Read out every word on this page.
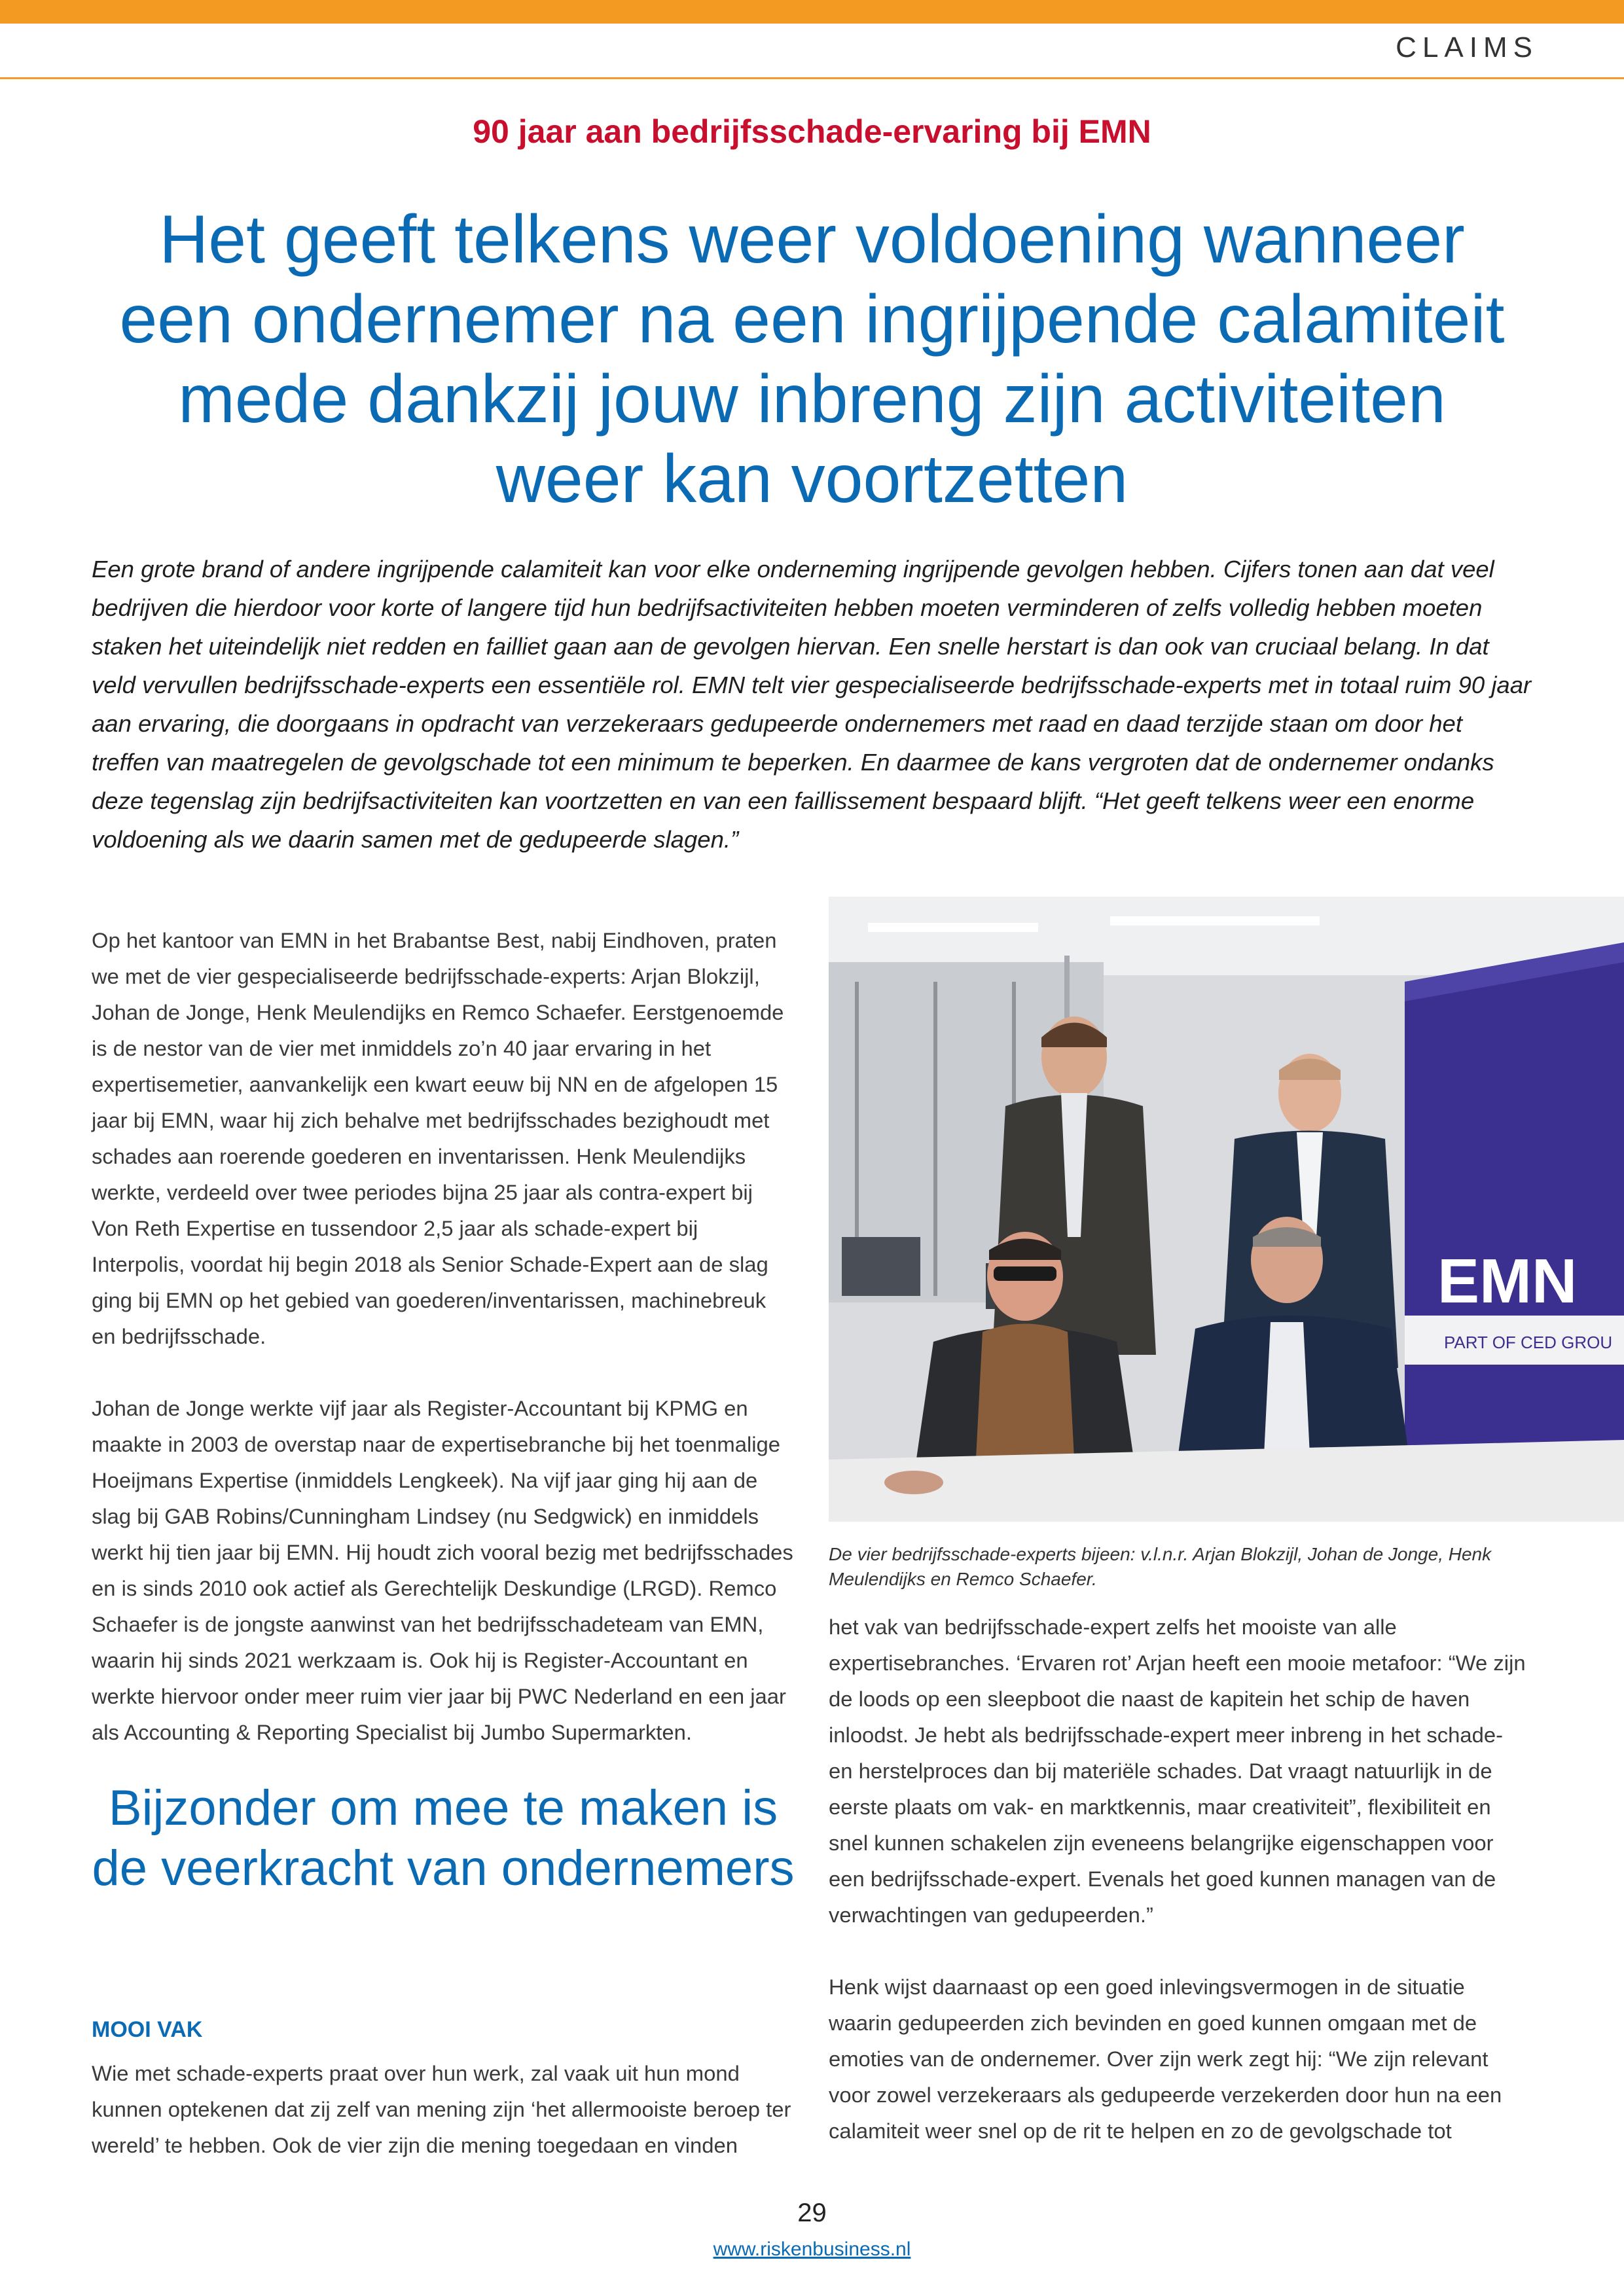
CLAIMS
90 jaar aan bedrijfsschade-ervaring bij EMN
Het geeft telkens weer voldoening wanneer een ondernemer na een ingrijpende calamiteit mede dankzij jouw inbreng zijn activiteiten weer kan voortzetten
Een grote brand of andere ingrijpende calamiteit kan voor elke onderneming ingrijpende gevolgen hebben. Cijfers tonen aan dat veel bedrijven die hierdoor voor korte of langere tijd hun bedrijfsactiviteiten hebben moeten verminderen of zelfs volledig hebben moeten staken het uiteindelijk niet redden en failliet gaan aan de gevolgen hiervan. Een snelle herstart is dan ook van cruciaal belang. In dat veld vervullen bedrijfsschade-experts een essentiële rol. EMN telt vier gespecialiseerde bedrijfsschade-experts met in totaal ruim 90 jaar aan ervaring, die doorgaans in opdracht van verzekeraars gedupeerde ondernemers met raad en daad terzijde staan om door het treffen van maatregelen de gevolgschade tot een minimum te beperken. En daarmee de kans vergroten dat de ondernemer ondanks deze tegenslag zijn bedrijfsactiviteiten kan voortzetten en van een faillissement bespaard blijft. “Het geeft telkens weer een enorme voldoening als we daarin samen met de gedupeerde slagen.”

Op het kantoor van EMN in het Brabantse Best, nabij Eindhoven, praten we met de vier gespecialiseerde bedrijfsschade-experts: Arjan Blokzijl, Johan de Jonge, Henk Meulendijks en Remco Schaefer. Eerstgenoemde is de nestor van de vier met inmiddels zo’n 40 jaar ervaring in het expertisemetier, aanvankelijk een kwart eeuw bij NN en de afgelopen 15 jaar bij EMN, waar hij zich behalve met bedrijfsschades bezighoudt met schades aan roerende goederen en inventarissen. Henk Meulendijks werkte, verdeeld over twee periodes bijna 25 jaar als contra-expert bij Von Reth Expertise en tussendoor 2,5 jaar als schade-expert bij Interpolis, voordat hij begin 2018 als Senior Schade-Expert aan de slag ging bij EMN op het gebied van goederen/inventarissen, machinebreuk en bedrijfsschade.

Johan de Jonge werkte vijf jaar als Register-Accountant bij KPMG en maakte in 2003 de overstap naar de expertisebranche bij het toenmalige Hoeijmans Expertise (inmiddels Lengkeek). Na vijf jaar ging hij aan de slag bij GAB Robins/Cunningham Lindsey (nu Sedgwick) en inmiddels werkt hij tien jaar bij EMN. Hij houdt zich vooral bezig met bedrijfsschades en is sinds 2010 ook actief als Gerechtelijk Deskundige (LRGD). Remco Schaefer is de jongste aanwinst van het bedrijfsschadeteam van EMN, waarin hij sinds 2021 werkzaam is. Ook hij is Register-Accountant en werkte hiervoor onder meer ruim vier jaar bij PWC Nederland en een jaar als Accounting & Reporting Specialist bij Jumbo Supermarkten.

EMN
PART OF CED GROU
De vier bedrijfsschade-experts bijeen: v.l.n.r. Arjan Blokzijl, Johan de Jonge, Henk Meulendijks en Remco Schaefer.

het vak van bedrijfsschade-expert zelfs het mooiste van alle expertisebranches. ‘Ervaren rot’ Arjan heeft een mooie metafoor: “We zijn de loods op een sleepboot die naast de kapitein het schip de haven inloodst. Je hebt als bedrijfsschade-expert meer inbreng in het schade- en herstelproces dan bij materiële schades. Dat vraagt natuurlijk in de eerste plaats om vak- en marktkennis, maar creativiteit”, flexibiliteit en snel kunnen schakelen zijn eveneens belangrijke eigenschappen voor een bedrijfsschade-expert. Evenals het goed kunnen managen van de verwachtingen van gedupeerden.”

Henk wijst daarnaast op een goed inlevingsvermogen in de situatie waarin gedupeerden zich bevinden en goed kunnen omgaan met de emoties van de ondernemer. Over zijn werk zegt hij: “We zijn relevant voor zowel verzekeraars als gedupeerde verzekerden door hun na een calamiteit weer snel op de rit te helpen en zo de gevolgschade tot

Bijzonder om mee te maken is de veerkracht van ondernemers
MOOI VAK

Wie met schade-experts praat over hun werk, zal vaak uit hun mond kunnen optekenen dat zij zelf van mening zijn ‘het allermooiste beroep ter wereld’ te hebben. Ook de vier zijn die mening toegedaan en vinden

29
www.riskenbusiness.nl
